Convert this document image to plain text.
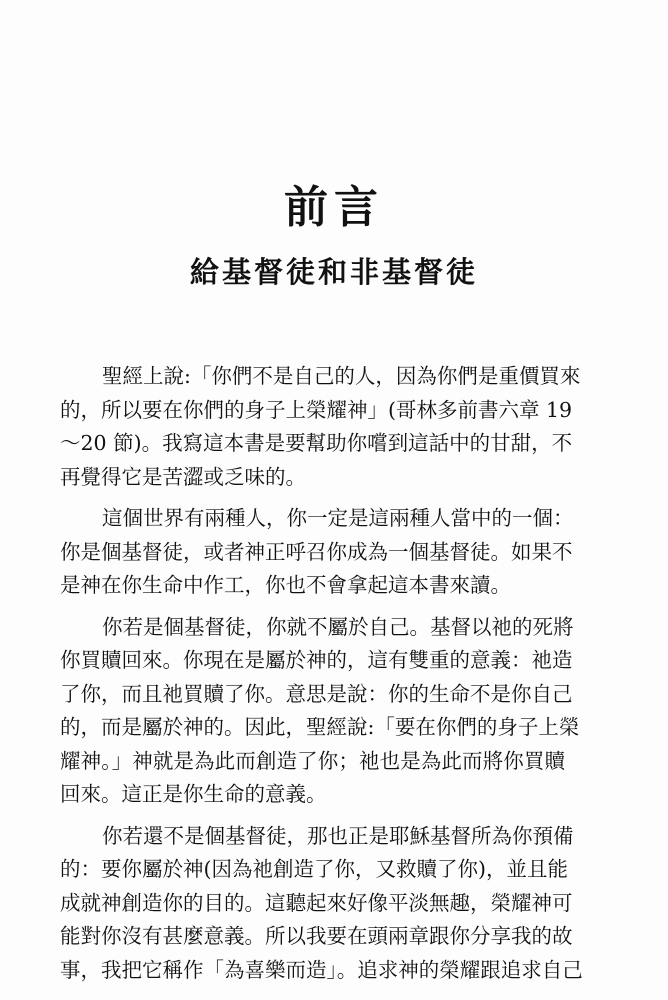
前言
給基督徒和非基督徒
聖經上說:「你們不是自己的人，因為你們是重價買來
的，所以要在你們的身子上榮耀神」(哥林多前書六章 19
～20 節)。我寫這本書是要幫助你嚐到這話中的甘甜，不
再覺得它是苦澀或乏味的。
這個世界有兩種人，你一定是這兩種人當中的一個：
你是個基督徒，或者神正呼召你成為一個基督徒。如果不
是神在你生命中作工，你也不會拿起這本書來讀。
你若是個基督徒，你就不屬於自己。基督以祂的死將
你買贖回來。你現在是屬於神的，這有雙重的意義：祂造
了你，而且祂買贖了你。意思是說：你的生命不是你自己
的，而是屬於神的。因此，聖經說:「要在你們的身子上榮
耀神。」神就是為此而創造了你；祂也是為此而將你買贖
回來。這正是你生命的意義。
你若還不是個基督徒，那也正是耶穌基督所為你預備
的：要你屬於神(因為祂創造了你，又救贖了你)，並且能
成就神創造你的目的。這聽起來好像平淡無趣，榮耀神可
能對你沒有甚麼意義。所以我要在頭兩章跟你分享我的故
事，我把它稱作「為喜樂而造」。追求神的榮耀跟追求自己
